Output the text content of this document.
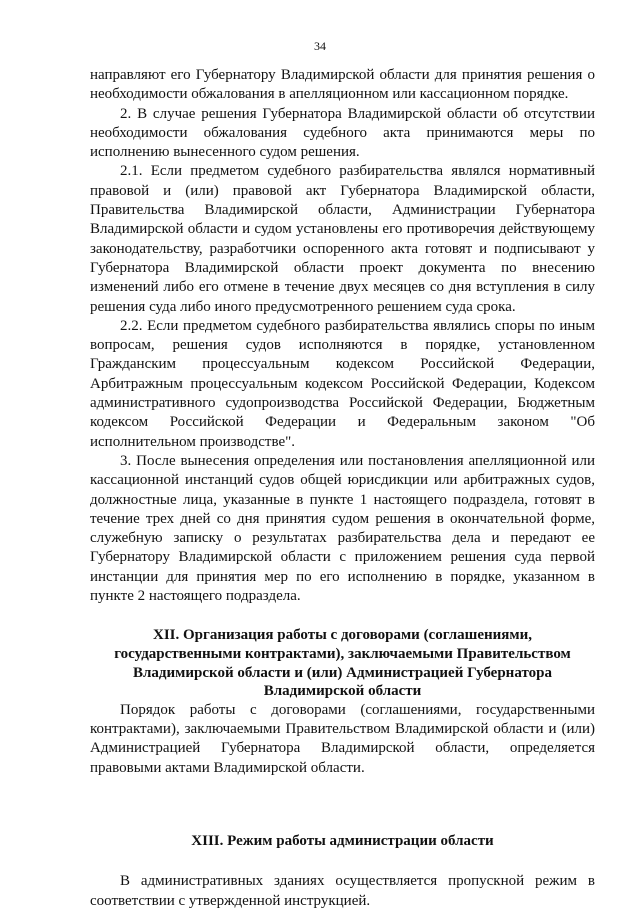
34

направляют его Губернатору Владимирской области для принятия решения о необходимости обжалования в апелляционном или кассационном порядке.

2. В случае решения Губернатора Владимирской области об отсутствии необходимости обжалования судебного акта принимаются меры по исполнению вынесенного судом решения.

2.1. Если предметом судебного разбирательства являлся нормативный правовой и (или) правовой акт Губернатора Владимирской области, Правительства Владимирской области, Администрации Губернатора Владимирской области и судом установлены его противоречия действующему законодательству, разработчики оспоренного акта готовят и подписывают у Губернатора Владимирской области проект документа по внесению изменений либо его отмене в течение двух месяцев со дня вступления в силу решения суда либо иного предусмотренного решением суда срока.

2.2. Если предметом судебного разбирательства являлись споры по иным вопросам, решения судов исполняются в порядке, установленном Гражданским процессуальным кодексом Российской Федерации, Арбитражным процессуальным кодексом Российской Федерации, Кодексом административного судопроизводства Российской Федерации, Бюджетным кодексом Российской Федерации и Федеральным законом "Об исполнительном производстве".

3. После вынесения определения или постановления апелляционной или кассационной инстанций судов общей юрисдикции или арбитражных судов, должностные лица, указанные в пункте 1 настоящего подраздела, готовят в течение трех дней со дня принятия судом решения в окончательной форме, служебную записку о результатах разбирательства дела и передают ее Губернатору Владимирской области с приложением решения суда первой инстанции для принятия мер по его исполнению в порядке, указанном в пункте 2 настоящего подраздела.

XII. Организация работы с договорами (соглашениями, государственными контрактами), заключаемыми Правительством Владимирской области и (или) Администрацией Губернатора Владимирской области

Порядок работы с договорами (соглашениями, государственными контрактами), заключаемыми Правительством Владимирской области и (или) Администрацией Губернатора Владимирской области, определяется правовыми актами Владимирской области.

XIII. Режим работы администрации области

В административных зданиях осуществляется пропускной режим в соответствии с утвержденной инструкцией.
